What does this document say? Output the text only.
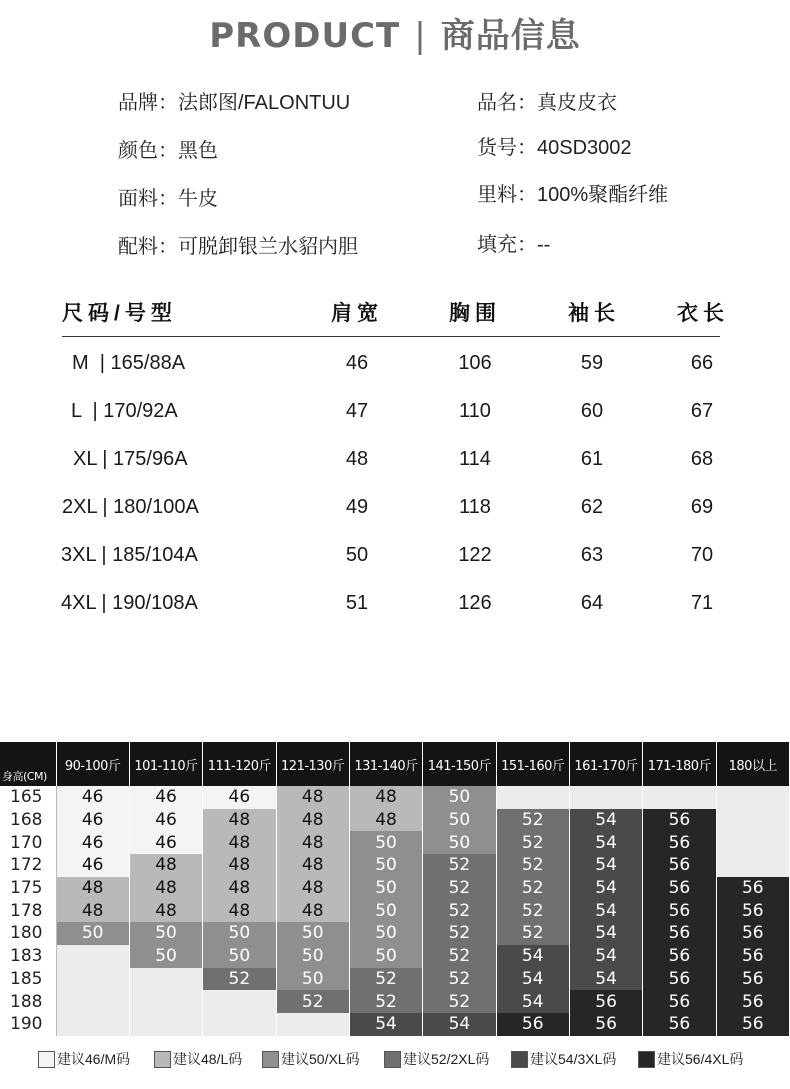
PRODUCT | 商品信息
品牌：法郎图/FALONTUU	品名：真皮皮衣
颜色：黑色	货号：40SD3002
面料：牛皮	里料：100%聚酯纤维
配料：可脱卸银兰水貂内胆	填充：--
尺码/号型	肩宽	胸围	袖长	衣长
M  | 165/88A	46	106	59	66
L  | 170/92A	47	110	60	67
XL | 175/96A	48	114	61	68
2XL | 180/100A	49	118	62	69
3XL | 185/104A	50	122	63	70
4XL | 190/108A	51	126	64	71
身高(CM)	90-100斤	101-110斤	111-120斤	121-130斤	131-140斤	141-150斤	151-160斤	161-170斤	171-180斤	180以上
165	46	46	46	48	48	50				
168	46	46	48	48	48	50	52	54	56	
170	46	46	48	48	50	50	52	54	56	
172	46	48	48	48	50	52	52	54	56	
175	48	48	48	48	50	52	52	54	56	56
178	48	48	48	48	50	52	52	54	56	56
180	50	50	50	50	50	52	52	54	56	56
183		50	50	50	50	52	54	54	56	56
185			52	50	52	52	54	54	56	56
188				52	52	52	54	56	56	56
190					54	54	56	56	56	56
建议46/M码	建议48/L码	建议50/XL码	建议52/2XL码	建议54/3XL码	建议56/4XL码
